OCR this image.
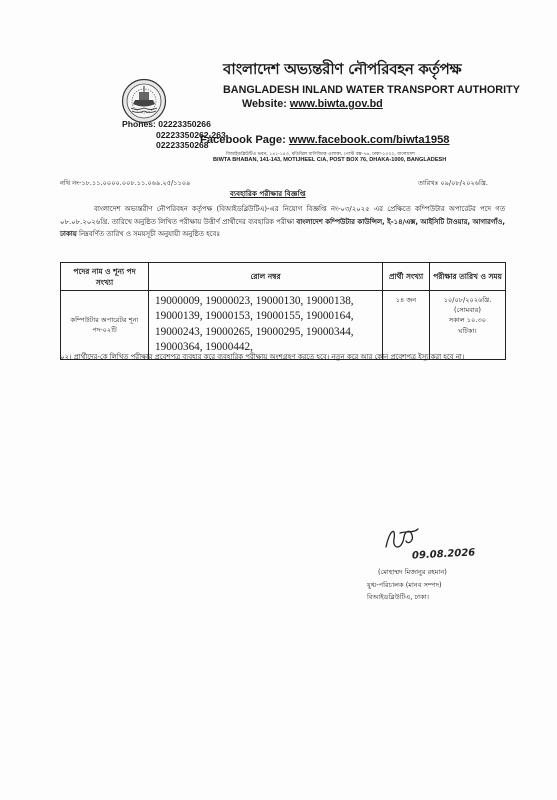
Phones: 02223350266
02223350262-263
02223350268
বাংলাদেশ অভ্যন্তরীণ নৌপরিবহন কর্তৃপক্ষ
BANGLADESH INLAND WATER TRANSPORT AUTHORITY
Website: www.biwta.gov.bd
Facebook Page: www.facebook.com/biwta1958
বিআইডব্লিউটিএ ভবন, ১৪১-১৪৩, মতিঝিল বাণিজ্যিক এলাকা, পোস্ট বক্স-৭৬, ঢাকা-১০০০, বাংলাদেশ
BIWTA BHABAN, 141-143, MOTIJHEEL C/A, POST BOX 76, DHAKA-1000, BANGLADESH
নথি নং-১৮.১১.০০০০.০০৮.১১.০৬৯.২৫/১১০৯	তারিখঃ ০৯/০৮/২০২৬খ্রি.
ব্যবহারিক পরীক্ষার বিজ্ঞপ্তি
বাংলাদেশ অভ্যন্তরীণ নৌপরিবহন কর্তৃপক্ষ (বিআইডব্লিউটিএ)-এর নিয়োগ বিজ্ঞপ্তি নং-০৩/২০২৫ এর প্রেক্ষিতে কম্পিউটার অপারেটর পদে গত ০৮.০৮.২০২৬খ্রি. তারিখে অনুষ্ঠিত লিখিত পরীক্ষায় উত্তীর্ণ প্রার্থীদের ব্যবহারিক পরীক্ষা বাংলাদেশ কম্পিউটার কাউন্সিল, ই-১৪/এক্স, আইসিটি টাওয়ার, আগারগাঁও, ঢাকায় নিম্নবর্ণিত তারিখ ও সময়সূচী অনুযায়ী অনুষ্ঠিত হবেঃ
পদের নাম ও শূন্য পদ সংখ্যা	রোল নম্বর	প্রার্থী সংখ্যা	পরীক্ষার তারিখ ও সময়
কম্পিউটার অপারেটর শূন্য পদ-০২টি	19000009, 19000023, 19000130, 19000138, 19000139, 19000153, 19000155, 19000164, 19000243, 19000265, 19000295, 19000344, 19000364, 19000442,	১৪ জন	১০/০৮/২০২৬খ্রি.
(সোমবার)
সকাল ১০.৩০
ঘটিকা।
০২। প্রার্থীদের-কে লিখিত পরীক্ষার প্রবেশপত্র ব্যবহার করে ব্যবহারিক পরীক্ষায় অংশগ্রহণ করতে হবে। নতুন করে আর কোন প্রবেশপত্র ইস্যু করা হবে না।
09.08.2026
(মোহাম্মদ মিজানুর রহমান)
যুগ্ম-পরিচালক (মানব সম্পদ)
বিআইডব্লিউটিএ, ঢাকা।
